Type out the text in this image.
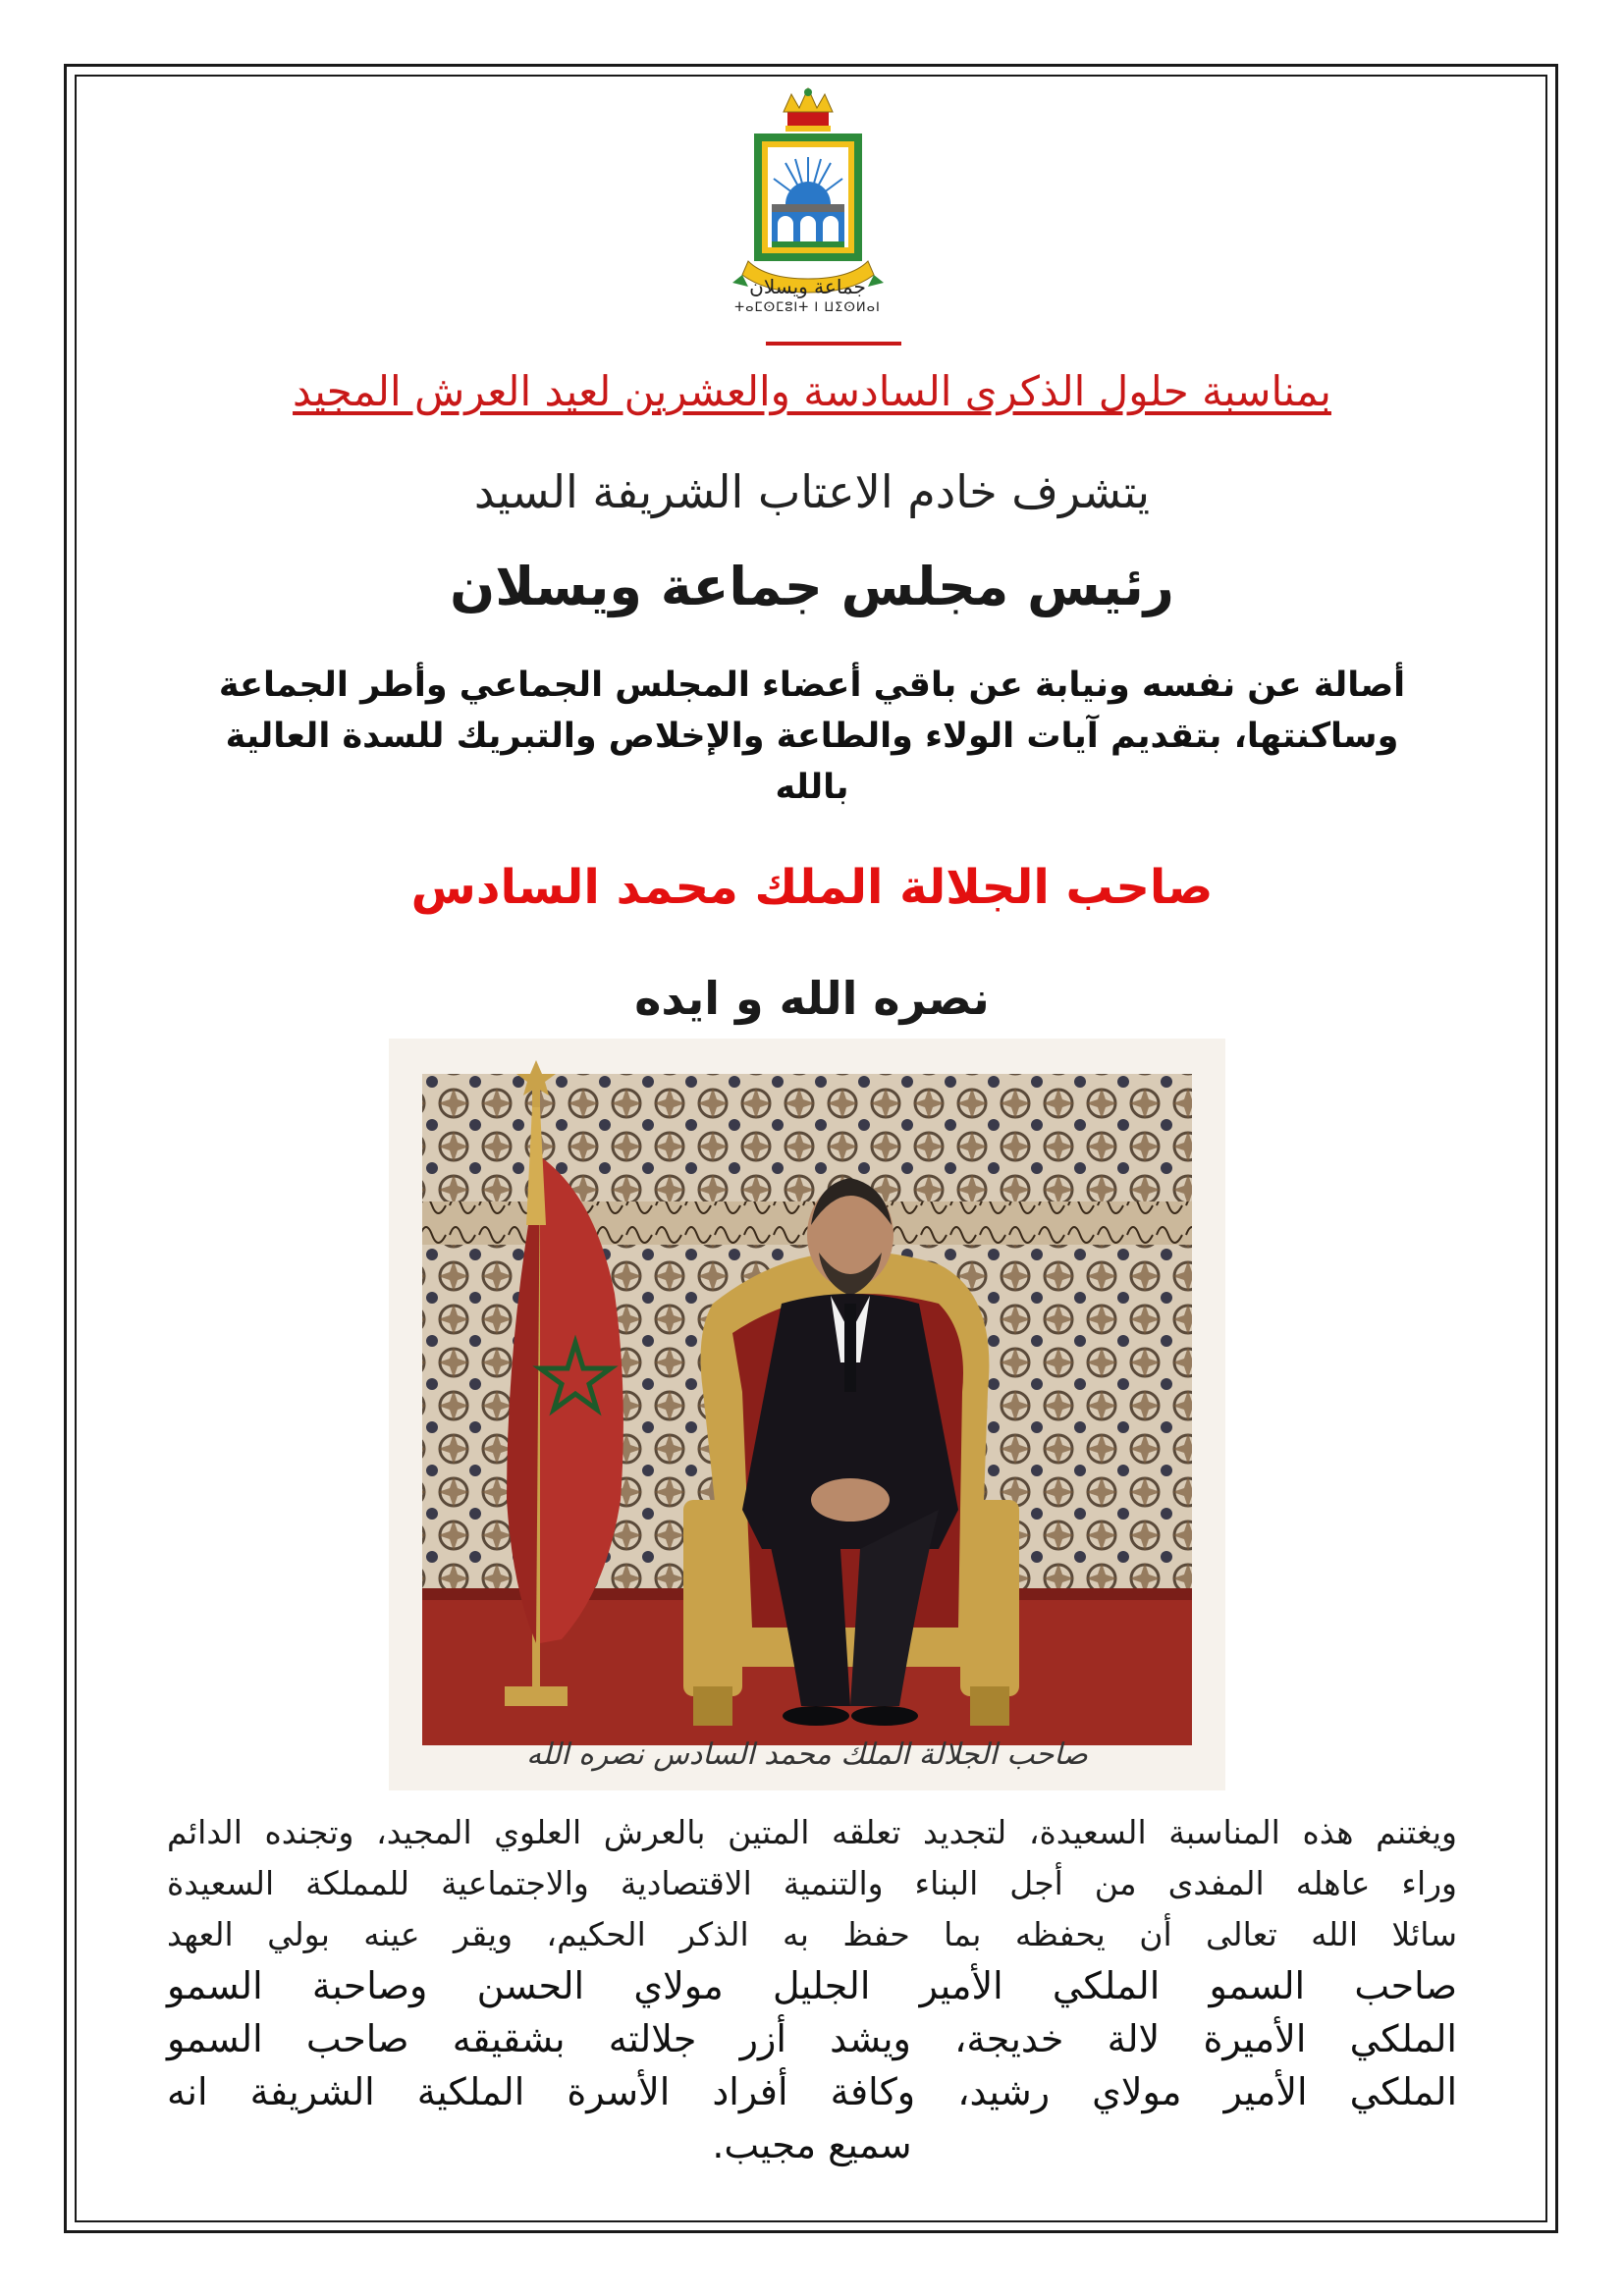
جماعة ويسلان
ⵜⴰⵎⵙⵎⵓⵏⵜ ⵏ ⵡⵉⵙⵍⴰⵏ
بمناسبة حلول الذكرى السادسة والعشرين لعيد العرش المجيد
يتشرف خادم الاعتاب الشريفة السيد
رئيس مجلس جماعة ويسلان
أصالة عن نفسه ونيابة عن باقي أعضاء المجلس الجماعي وأطر الجماعة
وساكنتها، بتقديم آيات الولاء والطاعة والإخلاص والتبريك للسدة العالية
بالله
صاحب الجلالة الملك محمد السادس
نصره الله و ايده
صاحب الجلالة الملك محمد السادس نصره الله
ويغتنم هذه المناسبة السعيدة، لتجديد تعلقه المتين بالعرش العلوي المجيد، وتجنده الدائم
وراء عاهله المفدى من أجل البناء والتنمية الاقتصادية والاجتماعية للمملكة السعيدة
سائلا الله تعالى أن يحفظه بما حفظ به الذكر الحكيم، ويقر عينه بولي العهد
صاحب السمو الملكي الأمير الجليل مولاي الحسن وصاحبة السمو
الملكي الأميرة لالة خديجة، ويشد أزر جلالته بشقيقه صاحب السمو
الملكي الأمير مولاي رشيد، وكافة أفراد الأسرة الملكية الشريفة انه
سميع مجيب.
